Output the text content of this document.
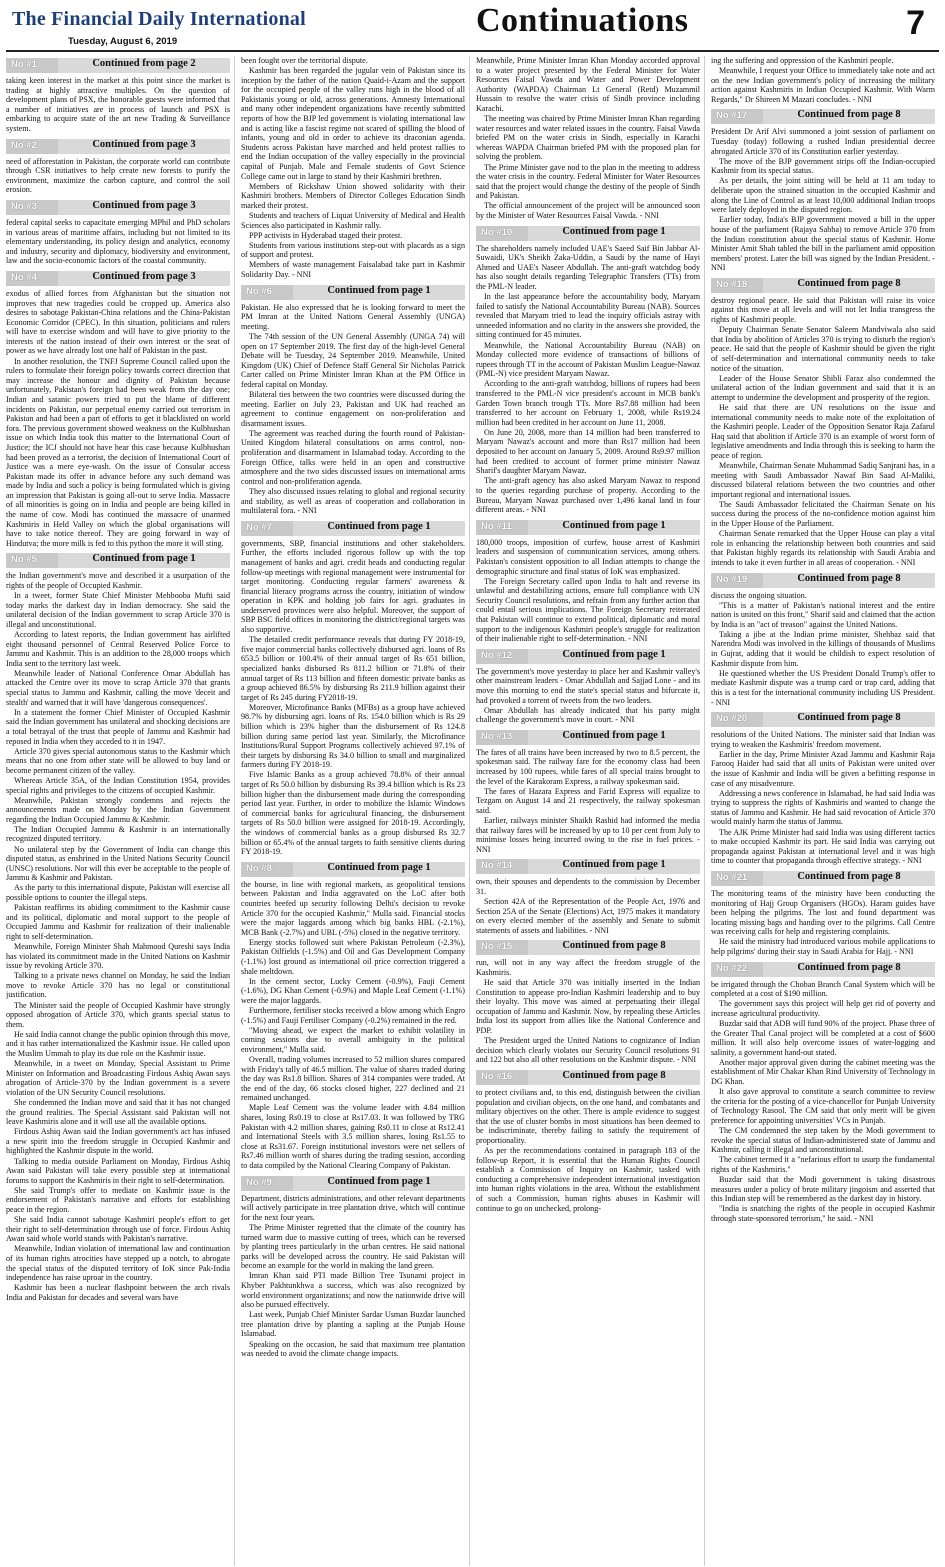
The Financial Daily International
Tuesday, August 6, 2019
Continuations	7
No #1	Continued from page 2

taking keen interest in the market at this point since the market is trading at highly attractive multiples. On the question of development plans of PSX, the honorable guests were informed that a number of initiatives are in process of launch and PSX is embarking to acquire state of the art new Trading & Surveillance system.

No #2	Continued from page 3

need of afforestation in Pakistan, the corporate world can contribute through CSR initiatives to help create new forests to purify the environment, maximize the carbon capture, and control the soil erosion.

No #3	Continued from page 3

federal capital seeks to capacitate emerging MPhil and PhD scholars in various areas of maritime affairs, including but not limited to its elementary understanding, its policy design and analytics, economy and industry, security and diplomacy, biodiversity and environment, law and the socio-economic factors of the coastal community.

No #4	Continued from page 3

exodus of allied forces from Afghanistan but the situation not improves that new tragedies could be cropped up. America also desires to sabotage Pakistan-China relations and the China-Pakistan Economic Corridor (CPEC). In this situation, politicians and rulers will have to exercise wisdom and will have to give priority to the interests of the nation instead of their own interest or the seat of power as we have already lost one half of Pakistan in the past.

In another resolution, the TNFJ Supreme Council called upon the rulers to formulate their foreign policy towards correct direction that may increase the honour and dignity of Pakistan because unfortunately, Pakistan's foreign had been weak from the day one; Indian and satanic powers tried to put the blame of different incidents on Pakistan, our perpetual enemy carried out terrorism in Pakistan and had been a part of efforts to get it blacklisted on world fora. The previous government showed weakness on the Kulbhushan issue on which India took this matter to the International Court of Justice; the ICJ should not have hear this case because Kulbhushan had been proved as a terrorist, the decision of International Court of Justice was a mere eye-wash. On the issue of Consular access Pakistan made its offer in advance before any such demand was made by India and such a policy is being formulated which is giving an impression that Pakistan is going all-out to serve India. Massacre of all minorities is going on in India and people are being killed in the name of cow. Modi has continued the massacre of unarmed Kashmiris in Held Valley on which the global organisations will have to take notice thereof. They are going forward in way of Hindutva; the more milk is fed to this python the more it will sting.

No #5	Continued from page 1

the Indian government's move and described it a usurpation of the rights of the people of Occupied Kashmir.

In a tweet, former State Chief Minister Mehbooba Mufti said today marks the darkest day in Indian democracy. She said the unilateral decision of the Indian government to scrap Article 370 is illegal and unconstitutional.

According to latest reports, the Indian government has airlifted eight thousand personnel of Central Reserved Police Force to Jammu and Kashmir. This is an addition to the 28,000 troops which India sent to the territory last week.

Meanwhile leader of National Conference Omar Abdullah has attacked the Centre over its move to scrap Article 370 that grants special status to Jammu and Kashmir, calling the move 'deceit and stealth' and warned that it will have 'dangerous consequences'.

In a statement the former Chief Minister of Occupied Kashmir said the Indian government has unilateral and shocking decisions are a total betrayal of the trust that people of Jammu and Kashmir had reposed in India when they acceded to it in 1947.

Article 370 gives special autonomous status to the Kashmir which means that no one from other state will be allowed to buy land or become permanent citizen of the valley.

Whereas Article 35A, of the Indian Constitution 1954, provides special rights and privileges to the citizens of occupied Kashmir.

Meanwhile, Pakistan strongly condemns and rejects the announcements made on Monday by the Indian Government regarding the Indian Occupied Jammu & Kashmir.

The Indian Occupied Jammu & Kashmir is an internationally recognized disputed territory.

No unilateral step by the Government of India can change this disputed status, as enshrined in the United Nations Security Council (UNSC) resolutions. Nor will this ever be acceptable to the people of Jammu & Kashmir and Pakistan.

As the party to this international dispute, Pakistan will exercise all possible options to counter the illegal steps.

Pakistan reaffirms its abiding commitment to the Kashmir cause and its political, diplomatic and moral support to the people of Occupied Jammu and Kashmir for realization of their inalienable right to self-determination.

Meanwhile, Foreign Minister Shah Mahmood Qureshi says India has violated its commitment made in the United Nations on Kashmir issue by revoking Article 370.

Talking to a private news channel on Monday, he said the Indian move to revoke Article 370 has no legal or constitutional justification.

The Minister said the people of Occupied Kashmir have strongly opposed abrogation of Article 370, which grants special status to them.

He said India cannot change the public opinion through this move, and it has rather internationalized the Kashmir issue. He called upon the Muslim Ummah to play its due role on the Kashmir issue.

Meanwhile, in a tweet on Monday, Special Assistant to Prime Minister on Information and Broadcasting Firdous Ashiq Awan says abrogation of Article-370 by the Indian government is a severe violation of the UN Security Council resolutions.

She condemned the Indian move and said that it has not changed the ground realities. The Special Assistant said Pakistan will not leave Kashmiris alone and it will use all the available options.

Firdous Ashiq Awan said the Indian government's act has infused a new spirit into the freedom struggle in Occupied Kashmir and highlighted the Kashmir dispute in the world.

Talking to media outside Parliament on Monday, Firdous Ashiq Awan said Pakistan will take every possible step at international forums to support the Kashmiris in their right to self-determination.

She said Trump's offer to mediate on Kashmir issue is the endorsement of Pakistan's narrative and efforts for establishing peace in the region.

She said India cannot sabotage Kashmiri people's effort to get their right to self-determination through use of force. Firdous Ashiq Awan said whole world stands with Pakistan's narrative.

Meanwhile, Indian violation of international law and continuation of its human rights atrocities have stepped up a notch, to abrogate the special status of the disputed territory of IoK since Pak-India independence has raise uproar in the country.

Kashmir has been a nuclear flashpoint between the arch rivals India and Pakistan for decades and several wars have

been fought over the territorial dispute.

Kashmir has been regarded the jugular vein of Pakistan since its inception by the father of the nation Quaid-i-Azam and the support for the occupied people of the valley runs high in the blood of all Pakistanis young or old, across generations. Amnesty International and many other independent organizations have recently submitted reports of how the BJP led government is violating international law and is acting like a fascist regime not scared of spilling the blood of infants, young and old in order to achieve its draconian agenda. Students across Pakistan have marched and held protest rallies to end the Indian occupation of the valley especially in the provincial capital of Punjab. Male and Female students of Govt Science College came out in large to stand by their Kashmiri brethren.

Members of Rickshaw Union showed solidarity with their Kashmiri brothers. Members of Director Colleges Education Sindh marked their protest.

Students and teachers of Liquat University of Medical and Health Sciences also participated in Kashmir rally.

PPP activists in Hyderabad staged their protest.

Students from various institutions step-out with placards as a sign of support and protest.

Members of waste management Faisalabad take part in Kashmir Solidarity Day. - NNI

No #6	Continued from page 1

Pakistan. He also expressed that he is looking forward to meet the PM Imran at the United Nations General Assembly (UNGA) meeting.

The 74th session of the UN General Assembly (UNGA 74) will open on 17 September 2019. The first day of the high-level General Debate will be Tuesday, 24 September 2019. Meanwhile, United Kingdom (UK) Chief of Defence Staff General Sir Nicholas Patrick Carter called on Prime Minister Imran Khan at the PM Office in federal capital on Monday.

Bilateral ties between the two countries were discussed during the meeting. Earlier on July 23, Pakistan and UK had reached an agreement to continue engagement on non-proliferation and disarmament issues.

The agreement was reached during the fourth round of Pakistan-United Kingdom bilateral consultations on arms control, non-proliferation and disarmament in Islamabad today. According to the Foreign Office, talks were held in an open and constructive atmosphere and the two sides discussed issues on international arms control and non-proliferation agenda.

They also discussed issues relating to global and regional security and stability, as well as areas of cooperation and collaboration in multilateral fora. - NNI

No #7	Continued from page 1

governments, SBP, financial institutions and other stakeholders. Further, the efforts included rigorous follow up with the top management of banks and agri. credit heads and conducting regular follow-up meetings with regional management were instrumental for target monitoring. Conducting regular farmers' awareness & financial literacy programs across the country, initiation of window operation in KPK and holding job fairs for agri. graduates in underserved provinces were also helpful. Moreover, the support of SBP BSC field offices in monitoring the district/regional targets was also supportive.

The detailed credit performance reveals that during FY 2018-19, five major commercial banks collectively disbursed agri. loans of Rs 653.5 billion or 100.4% of their annual target of Rs 651 billion, specialized banks disbursed Rs 811.2 billion or 71.8% of their annual target of Rs 113 billion and fifteen domestic private banks as a group achieved 86.5% by disbursing Rs 211.9 billion against their target of Rs 245 during FY2018-19.

Moreover, Microfinance Banks (MFBs) as a group have achieved 98.7% by disbursing agri. loans of Rs. 154.0 billion which is Rs 29 billion which is 23% higher than the disbursement of Rs 124.8 billion during same period last year. Similarly, the Microfinance Institutions/Rural Support Programs collectively achieved 97.1% of their targets by disbursing Rs 34.0 billion to small and marginalized farmers during FY 2018-19.

Five Islamic Banks as a group achieved 78.8% of their annual target of Rs 50.0 billion by disbursing Rs 39.4 billion which is Rs 23 billion higher than the disbursement made during the corresponding period last year. Further, in order to mobilize the Islamic Windows of commercial banks for agricultural financing, the disbursement targets of Rs 50.0 billion were assigned for 2018-19. Accordingly, the windows of commercial banks as a group disbursed Rs 32.7 billion or 65.4% of the annual targets to faith sensitive clients during FY 2018-19.

No #8	Continued from page 1

the bourse, in line with regional markets, as geopolitical tensions between Pakistan and India aggravated on the LoC after both countries beefed up security following Delhi's decision to revoke Article 370 for the occupied Kashmir," Mulla said. Financial stocks were the major laggards among which big banks HBL (-2.1%), MCB Bank (-2.7%) and UBL (-5%) closed in the negative territory.

Energy stocks followed suit where Pakistan Petroleum (-2.3%), Pakistan Oilfields (-1.5%) and Oil and Gas Development Company (-1.1%) lost ground as international oil price correction triggered a shale meltdown.

In the cement sector, Lucky Cement (-0.9%), Fauji Cement (-1.6%), DG Khan Cement (-0.9%) and Maple Leaf Cement (-1.1%) were the major laggards.

Furthermore, fertiliser stocks received a blow among which Engro (-1.5%) and Fauji Fertiliser Company (-0.2%) remained in the red.

"Moving ahead, we expect the market to exhibit volatility in coming sessions due to overall ambiguity in the political environment," Mulla said.

Overall, trading volumes increased to 52 million shares compared with Friday's tally of 46.5 million. The value of shares traded during the day was Rs1.8 billion. Shares of 314 companies were traded. At the end of the day, 66 stocks closed higher, 227 declined and 21 remained unchanged.

Maple Leaf Cement was the volume leader with 4.84 million shares, losing Rs0.19 to close at Rs17.03. It was followed by TRG Pakistan with 4.2 million shares, gaining Rs0.11 to close at Rs12.41 and International Steels with 3.5 million shares, losing Rs1.55 to close at Rs31.67. Foreign institutional investors were net sellers of Rs7.46 million worth of shares during the trading session, according to data compiled by the National Clearing Company of Pakistan.

No #9	Continued from page 1

Department, districts administrations, and other relevant departments will actively participate in tree plantation drive, which will continue for the next four years.

The Prime Minister regretted that the climate of the country has turned warm due to massive cutting of trees, which can be reversed by planting trees particularly in the urban centres. He said national parks will be developed across the country. He said Pakistan will become an example for the world in making the land green.

Imran Khan said PTI made Billion Tree Tsunami project in Khyber Pakhtunkhwa a success, which was also recognized by world environment organizations; and now the nationwide drive will also be pursued effectively.

Last week, Punjab Chief Minister Sardar Usman Buzdar launched tree plantation drive by planting a sapling at the Punjab House Islamabad.

Speaking on the occasion, he said that maximum tree plantation was needed to avoid the climate change impacts.

Meanwhile, Prime Minister Imran Khan Monday accorded approval to a water project presented by the Federal Minister for Water Resources Faisal Vawda and Water and Power Development Authority (WAPDA) Chairman Lt General (Retd) Muzammil Hussain to resolve the water crisis of Sindh province including Karachi.

The meeting was chaired by Prime Minister Imran Khan regarding water resources and water related issues in the country. Faisal Vawda briefed PM on the water crisis in Sindh, especially in Karachi whereas WAPDA Chairman briefed PM with the proposed plan for solving the problem.

The Prime Minister gave nod to the plan in the meeting to address the water crisis in the country. Federal Minister for Water Resources said that the project would change the destiny of the people of Sindh and Pakistan.

The official announcement of the project will be announced soon by the Minister of Water Resources Faisal Vawda. - NNI

No #10	Continued from page 1

The shareholders namely included UAE's Saeed Saif Bin Jabbar Al-Suwaidi, UK's Sheikh Zaka-Uddin, a Saudi by the name of Hayi Ahmed and UAE's Naseer Abdullah. The anti-graft watchdog body has also sought details regarding Telegraphic Transfers (TTs) from the PML-N leader.

In the last appearance before the accountability body, Maryam failed to satisfy the National Accountability Bureau (NAB). Sources revealed that Maryam tried to lead the inquiry officials astray with unneeded information and no clarity in the answers she provided, the sitting continued for 45 minutes.

Meanwhile, the National Accountability Bureau (NAB) on Monday collected more evidence of transactions of billions of rupees through TT in the account of Pakistan Muslim League-Nawaz (PML-N) vice president Maryam Nawaz.

According to the anti-graft watchdog, billions of rupees had been transferred to the PML-N vice president's account in MCB bank's Garden Town branch trough TTs. More Rs7.88 million had been transferred to her account on February 1, 2008, while Rs19.24 million had been credited in her account on June 11, 2008.

On June 20, 2008, more than 14 million had been transferred to Maryam Nawaz's account and more than Rs17 million had been deposited to her account on January 5, 2009. Around Rs9.97 million had been credited to account of former prime minister Nawaz Sharif's daughter Maryam Nawaz.

The anti-graft agency has also asked Maryam Nawaz to respond to the queries regarding purchase of property. According to the Bureau, Maryam Nawaz purchased over 1,496 kanal land in four different areas. - NNI

No #11	Continued from page 1

180,000 troops, imposition of curfew, house arrest of Kashmiri leaders and suspension of communication services, among others. Pakistan's consistent opposition to all Indian attempts to change the demographic structure and final status of IoK was emphasized.

The Foreign Secretary called upon India to halt and reverse its unlawful and destabilizing actions, ensure full compliance with UN Security Council resolutions, and refrain from any further action that could entail serious implications. The Foreign Secretary reiterated that Pakistan will continue to extend political, diplomatic and moral support to the indigenous Kashmiri people's struggle for realization of their inalienable right to self-determination. - NNI

No #12	Continued from page 1

The government's move yesterday to place her and Kashmir valley's other mainstream leaders - Omar Abdullah and Sajjad Lone - and its move this morning to end the state's special status and bifurcate it, had provoked a torrent of tweets from the two leaders.

Omar Abdullah has already indicated that his party might challenge the government's move in court. - NNI

No #13	Continued from page 1

The fares of all trains have been increased by two to 8.5 percent, the spokesman said. The railway fare for the economy class had been increased by 100 rupees, while fares of all special trains brought to the level of the Karakoram Express, a railway spokesman said.

The fares of Hazara Express and Farid Express will equalize to Tezgam on August 14 and 21 respectively, the railway spokesman said.

Earlier, railways minister Shaikh Rashid had informed the media that railway fares will be increased by up to 10 per cent from July to minimise losses being incurred owing to the rise in fuel prices. - NNI

No #14	Continued from page 1

own, their spouses and dependents to the commission by December 31.

Section 42A of the Representation of the People Act, 1976 and Section 25A of the Senate (Elections) Act, 1975 makes it mandatory on every elected member of the assembly and Senate to submit statements of assets and liabilities. - NNI

No #15	Continued from page 8

run, will not in any way affect the freedom struggle of the Kashmiris.

He said that Article 370 was initially inserted in the Indian Constitution to appease pro-Indian Kashmiri leadership and to buy their loyalty. This move was aimed at perpetuating their illegal occupation of Jammu and Kashmir. Now, by repealing these Articles India lost its support from allies like the National Conference and PDP.

The President urged the United Nations to cognizance of Indian decision which clearly violates our Security Council resolutions 91 and 122 but also all other resolutions on the Kashmir dispute. - NNI

No #16	Continued from page 8

to protect civilians and, to this end, distinguish between the civilian population and civilian objects, on the one hand, and combatants and military objectives on the other. There is ample evidence to suggest that the use of cluster bombs in most situations has been deemed to be indiscriminate, thereby failing to satisfy the requirement of proportionality.

As per the recommendations contained in paragraph 183 of the follow-up Report, it is essential that the Human Rights Council establish a Commission of Inquiry on Kashmir, tasked with conducting a comprehensive independent international investigation into human rights violations in the area. Without the establishment of such a Commission, human rights abuses in Kashmir will continue to go on unchecked, prolong-

ing the suffering and oppression of the Kashmiri people.

Meanwhile, I request your Office to immediately take note and act on the new Indian government's policy of increasing the military action against Kashmiris in Indian Occupied Kashmir. With Warm Regards," Dr Shireen M Mazari concludes. - NNI

No #17	Continued from page 8

President Dr Arif Alvi summoned a joint session of parliament on Tuesday (today) following a rushed Indian presidential decree abrogated Article 370 of its Constitution earlier yesterday.

The move of the BJP government strips off the Indian-occupied Kashmir from its special status.

As per details, the joint sitting will be held at 11 am today to deliberate upon the strained situation in the occupied Kashmir and along the Line of Control as at least 10,000 additional Indian troops were lately deployed in the disputed region.

Earlier today, India's BJP government moved a bill in the upper house of the parliament (Rajaya Sabha) to remove Article 370 from the Indian constitution about the special status of Kashmir. Home Minister Amit Shah tabled the bill in the parliament amid opposition members' protest. Later the bill was signed by the Indian President. - NNI

No #18	Continued from page 8

destroy regional peace. He said that Pakistan will raise its voice against this move at all levels and will not let India transgress the rights of Kashmiri people.

Deputy Chairman Senate Senator Saleem Mandviwala also said that India by abolition of Articles 370 is trying to disturb the region's peace. He said that the people of Kashmir should be given the right of self-determination and international community needs to take notice of the situation.

Leader of the House Senator Shibli Faraz also condemned the unilateral action of the Indian government and said that it is an attempt to undermine the development and prosperity of the region.

He said that there are UN resolutions on the issue and international community needs to make note of the exploitation of the Kashmiri people. Leader of the Opposition Senator Raja Zafarul Haq said that abolition if Article 370 is an example of worst form of legislative amendments and India through this is seeking to harm the peace of region.

Meanwhile, Chairman Senate Muhammad Sadiq Sanjrani has, in a meeting with Saudi Ambassador Nawaf Bin Saad Al-Maliki, discussed bilateral relations between the two countries and other important regional and international issues.

The Saudi Ambassador felicitated the Chairman Senate on his success during the process of the no-confidence motion against him in the Upper House of the Parliament.

Chairman Senate remarked that the Upper House can play a vital role in enhancing the relationship between both countries and said that Pakistan highly regards its relationship with Saudi Arabia and intends to take it even further in all areas of cooperation. - NNI

No #19	Continued from page 8

discuss the ongoing situation.

"This is a matter of Pakistan's national interest and the entire nation is united on this front," Sharif said and claimed that the action by India is an "act of treason" against the United Nations.

Taking a jibe at the Indian prime minister, Shehbaz said that Narendra Modi was involved in the killings of thousands of Muslims in Gujrat, adding that it would be childish to expect resolution of Kashmir dispute from him.

He questioned whether the US President Donald Trump's offer to mediate Kashmir dispute was a trump card or trap card, adding that this is a test for the international community including US President. - NNI

No #20	Continued from page 8

resolutions of the United Nations. The minister said that Indian was trying to weaken the Kashmiris' freedom movement.

Earlier in the day, Prime Minister Azad Jammu and Kashmir Raja Farooq Haider had said that all units of Pakistan were united over the issue of Kashmir and India will be given a befitting response in case of any misadventure.

Addressing a news conference in Islamabad, he had said India was trying to suppress the rights of Kashmiris and wanted to change the status of Jammu and Kashmir. He had said revocation of Article 370 would mainly harm the status of Jammu.

The AJK Prime Minister had said India was using different tactics to make occupied Kashmir its part. He said India was carrying out propaganda against Pakistan at international level and it was high time to counter that propaganda through effective strategy. - NNI

No #21	Continued from page 8

The monitoring teams of the ministry have been conducting the monitoring of Hajj Group Organisers (HGOs). Haram guides have been helping the pilgrims. The lost and found department was locating missing bags and handing over to the pilgrims. Call Centre was receiving calls for help and registering complaints.

He said the ministry had introduced various mobile applications to help pilgrims' during their stay in Saudi Arabia for Hajj. - NNI

No #22	Continued from page 8

be irrigated through the Choban Branch Canal System which will be completed at a cost of $190 million.

The government says this project will help get rid of poverty and increase agricultural productivity.

Buzdar said that ADB will fund 90% of the project. Phase three of the Greater Thal Canal project will be completed at a cost of $600 million. It will also help overcome issues of water-logging and salinity, a government hand-out stated.

Another major approval given during the cabinet meeting was the establishment of Mir Chakar Khan Rind University of Technology in DG Khan.

It also gave approval to constitute a search committee to review the criteria for the posting of a vice-chancellor for Punjab University of Technology Rasool. The CM said that only merit will be given preference for appointing universities' VCs in Punjab.

The CM condemned the step taken by the Modi government to revoke the special status of Indian-administered state of Jammu and Kashmir, calling it illegal and unconstitutional.

The cabinet termed it a "nefarious effort to usurp the fundamental rights of the Kashmiris."

Buzdar said that the Modi government is taking disastrous measures under a policy of brute military jingoism and asserted that this Indian step will be remembered as the darkest day in history.

"India is snatching the rights of the people in occupied Kashmir through state-sponsored terrorism," he said. - NNI
